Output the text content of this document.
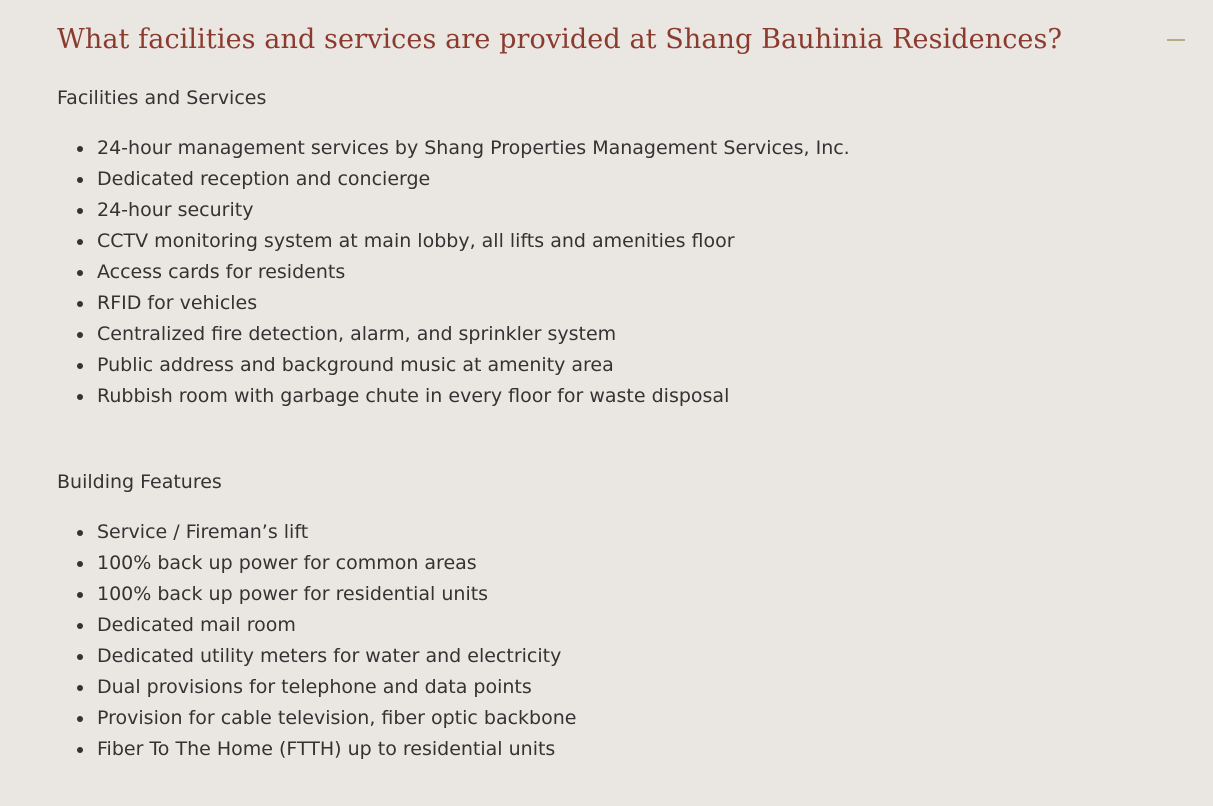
What facilities and services are provided at Shang Bauhinia Residences?

Facilities and Services

24-hour management services by Shang Properties Management Services, Inc.
Dedicated reception and concierge
24-hour security
CCTV monitoring system at main lobby, all lifts and amenities floor
Access cards for residents
RFID for vehicles
Centralized fire detection, alarm, and sprinkler system
Public address and background music at amenity area
Rubbish room with garbage chute in every floor for waste disposal

Building Features

Service / Fireman’s lift
100% back up power for common areas
100% back up power for residential units
Dedicated mail room
Dedicated utility meters for water and electricity
Dual provisions for telephone and data points
Provision for cable television, fiber optic backbone
Fiber To The Home (FTTH) up to residential units
